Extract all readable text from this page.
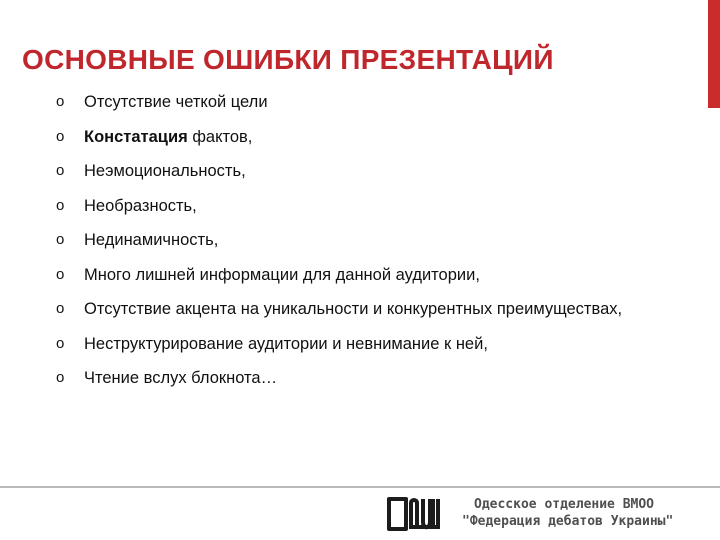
ОСНОВНЫЕ ОШИБКИ ПРЕЗЕНТАЦИЙ
o Отсутствие четкой цели
o Констатация фактов,
o Неэмоциональность,
o Необразность,
o Нединамичность,
o Много лишней информации для данной аудитории,
o Отсутствие акцента на уникальности и конкурентных преимуществах,
o Неструктурирование аудитории и невнимание к ней,
o Чтение вслух блокнота…
Одесское отделение ВМОО
"Федерация дебатов Украины"
